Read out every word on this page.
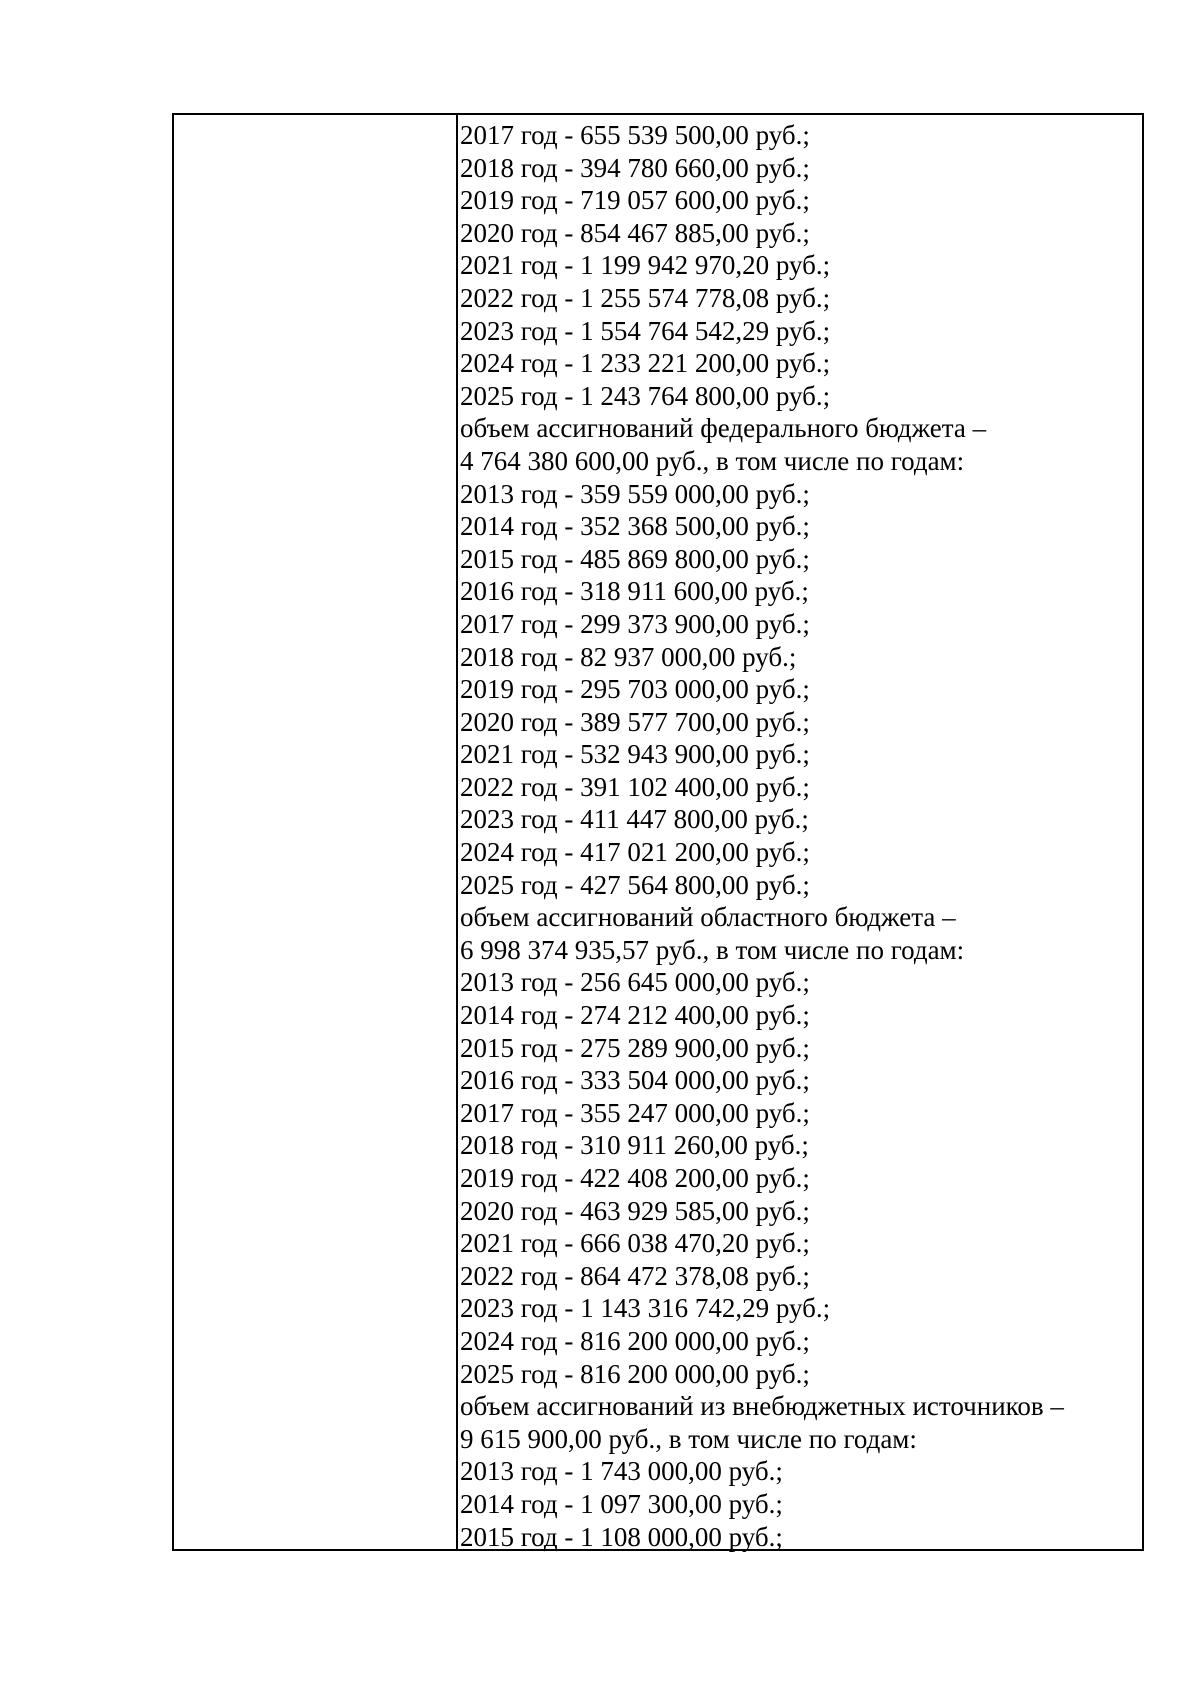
2017 год - 655 539 500,00 руб.;

2018 год - 394 780 660,00 руб.;

2019 год - 719 057 600,00 руб.;

2020 год - 854 467 885,00 руб.;

2021 год - 1 199 942 970,20 руб.;

2022 год - 1 255 574 778,08 руб.;

2023 год - 1 554 764 542,29 руб.;

2024 год - 1 233 221 200,00 руб.;

2025 год - 1 243 764 800,00 руб.;

объем ассигнований федерального бюджета –

4 764 380 600,00 руб., в том числе по годам:

2013 год - 359 559 000,00 руб.;

2014 год - 352 368 500,00 руб.;

2015 год - 485 869 800,00 руб.;

2016 год - 318 911 600,00 руб.;

2017 год - 299 373 900,00 руб.;

2018 год - 82 937 000,00 руб.;

2019 год - 295 703 000,00 руб.;

2020 год - 389 577 700,00 руб.;

2021 год - 532 943 900,00 руб.;

2022 год - 391 102 400,00 руб.;

2023 год - 411 447 800,00 руб.;

2024 год - 417 021 200,00 руб.;

2025 год - 427 564 800,00 руб.;

объем ассигнований областного бюджета –

6 998 374 935,57 руб., в том числе по годам:

2013 год - 256 645 000,00 руб.;

2014 год - 274 212 400,00 руб.;

2015 год - 275 289 900,00 руб.;

2016 год - 333 504 000,00 руб.;

2017 год - 355 247 000,00 руб.;

2018 год - 310 911 260,00 руб.;

2019 год - 422 408 200,00 руб.;

2020 год - 463 929 585,00 руб.;

2021 год - 666 038 470,20 руб.;

2022 год - 864 472 378,08 руб.;

2023 год - 1 143 316 742,29 руб.;

2024 год - 816 200 000,00 руб.;

2025 год - 816 200 000,00 руб.;

объем ассигнований из внебюджетных источников –

9 615 900,00 руб., в том числе по годам:

2013 год - 1 743 000,00 руб.;

2014 год - 1 097 300,00 руб.;

2015 год - 1 108 000,00 руб.;
